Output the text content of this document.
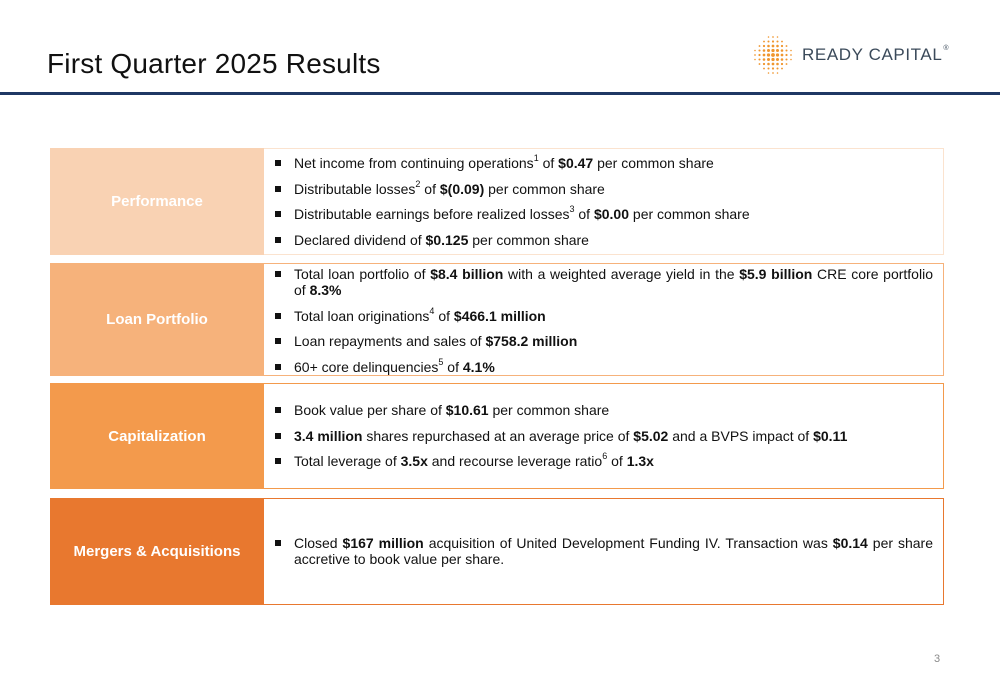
First Quarter 2025 Results	READY CAPITAL®
Performance
Net income from continuing operations$^1$ of $0.47 per common share
Distributable losses$^2$ of $(0.09) per common share
Distributable earnings before realized losses$^3$ of $0.00 per common share
Declared dividend of $0.125 per common share
Loan Portfolio
Total loan portfolio of $8.4 billion with a weighted average yield in the $5.9 billion CRE core portfolio of 8.3%
Total loan originations$^4$ of $466.1 million
Loan repayments and sales of $758.2 million
60+ core delinquencies$^5$ of 4.1%
Capitalization
Book value per share of $10.61 per common share
3.4 million shares repurchased at an average price of $5.02 and a BVPS impact of $0.11
Total leverage of 3.5x and recourse leverage ratio$^6$ of 1.3x
Mergers & Acquisitions	Closed $167 million acquisition of United Development Funding IV. Transaction was $0.14 per share accretive to book value per share.
3
